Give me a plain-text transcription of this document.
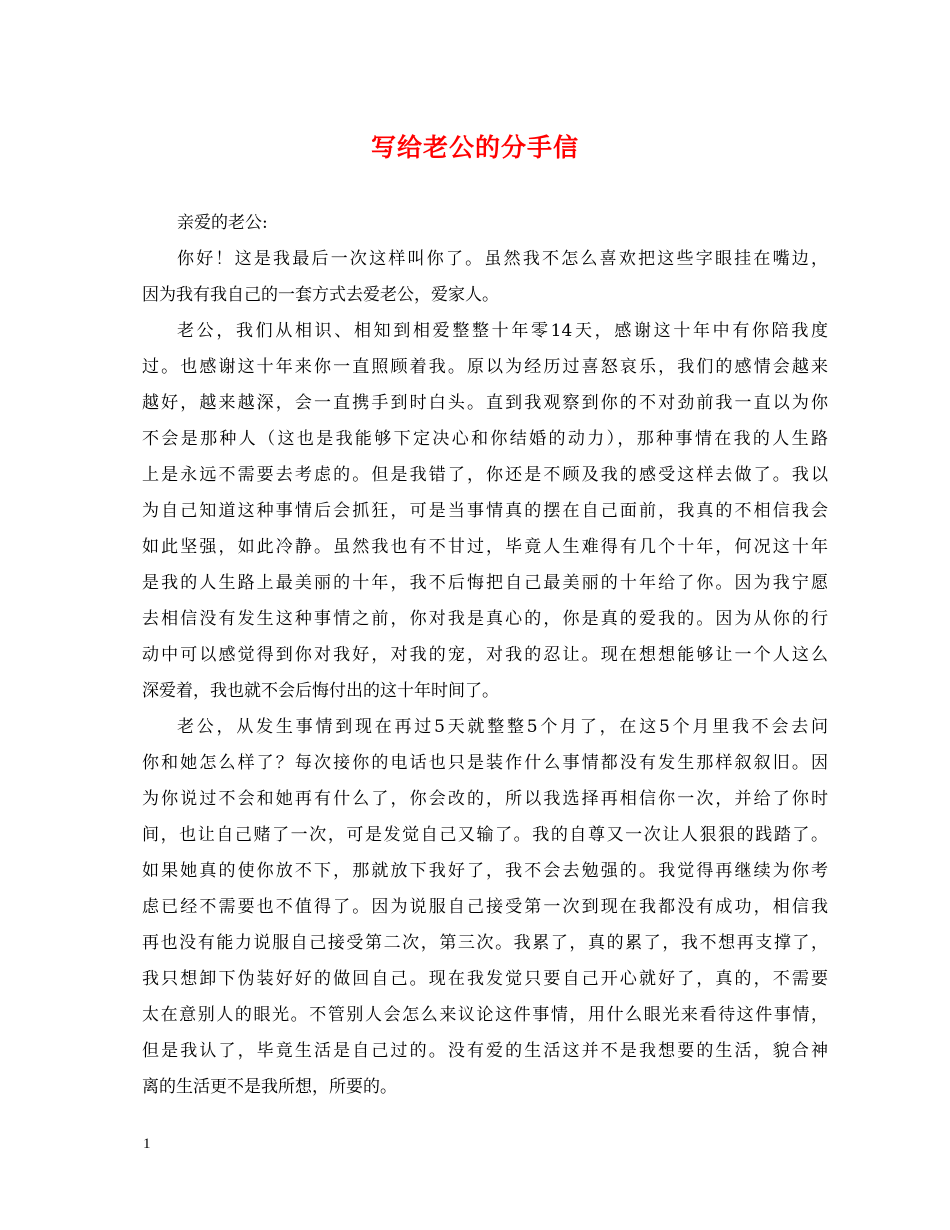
写给老公的分手信
亲爱的老公:
你好！这是我最后一次这样叫你了。虽然我不怎么喜欢把这些字眼挂在嘴边，
因为我有我自己的一套方式去爱老公，爱家人。
老公，我们从相识、相知到相爱整整十年零14天，感谢这十年中有你陪我度
过。也感谢这十年来你一直照顾着我。原以为经历过喜怒哀乐，我们的感情会越来
越好，越来越深，会一直携手到时白头。直到我观察到你的不对劲前我一直以为你
不会是那种人（这也是我能够下定决心和你结婚的动力），那种事情在我的人生路
上是永远不需要去考虑的。但是我错了，你还是不顾及我的感受这样去做了。我以
为自己知道这种事情后会抓狂，可是当事情真的摆在自己面前，我真的不相信我会
如此坚强，如此冷静。虽然我也有不甘过，毕竟人生难得有几个十年，何况这十年
是我的人生路上最美丽的十年，我不后悔把自己最美丽的十年给了你。因为我宁愿
去相信没有发生这种事情之前，你对我是真心的，你是真的爱我的。因为从你的行
动中可以感觉得到你对我好，对我的宠，对我的忍让。现在想想能够让一个人这么
深爱着，我也就不会后悔付出的这十年时间了。
老公，从发生事情到现在再过5天就整整5个月了，在这5个月里我不会去问
你和她怎么样了？每次接你的电话也只是装作什么事情都没有发生那样叙叙旧。因
为你说过不会和她再有什么了，你会改的，所以我选择再相信你一次，并给了你时
间，也让自己赌了一次，可是发觉自己又输了。我的自尊又一次让人狠狠的践踏了。
如果她真的使你放不下，那就放下我好了，我不会去勉强的。我觉得再继续为你考
虑已经不需要也不值得了。因为说服自己接受第一次到现在我都没有成功，相信我
再也没有能力说服自己接受第二次，第三次。我累了，真的累了，我不想再支撑了，
我只想卸下伪装好好的做回自己。现在我发觉只要自己开心就好了，真的，不需要
太在意别人的眼光。不管别人会怎么来议论这件事情，用什么眼光来看待这件事情，
但是我认了，毕竟生活是自己过的。没有爱的生活这并不是我想要的生活，貌合神
离的生活更不是我所想，所要的。
1
